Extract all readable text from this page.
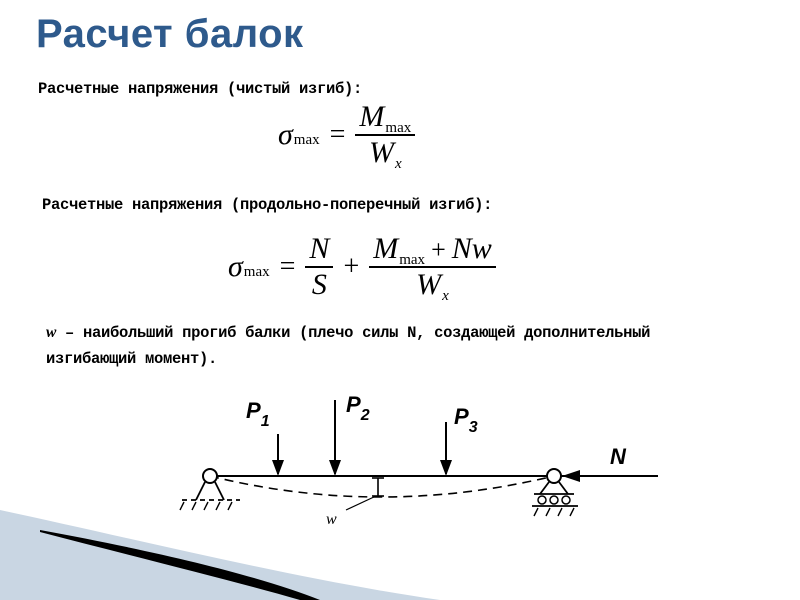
Расчет балок
Расчетные напряжения (чистый изгиб):
σ $\max = \frac{Mmax}{Wx}$
Расчетные напряжения (продольно-поперечный изгиб):
σ $\max = \frac{N}{S} + \frac{Mmax + Nw}{Wx}$
w – наибольший прогиб балки (плечо силы N, создающей дополнительный изгибающий момент).
$P_1$
$P_2$	$P_3$
N
w
